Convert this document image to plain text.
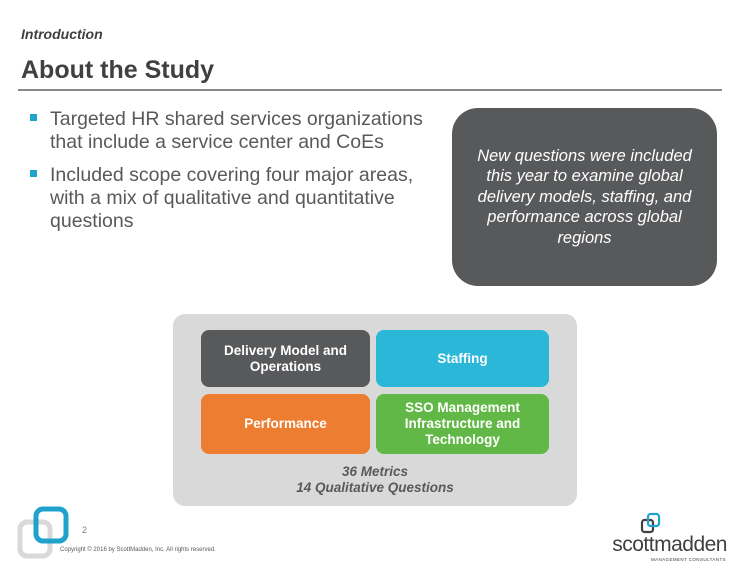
Introduction
About the Study
Targeted HR shared services organizations that include a service center and CoEs
Included scope covering four major areas, with a mix of qualitative and quantitative questions
New questions were included this year to examine global delivery models, staffing, and performance across global regions
Delivery Model and Operations
Staffing
Performance
SSO Management Infrastructure and Technology
36 Metrics
14 Qualitative Questions
2
Copyright © 2016 by ScottMadden, Inc. All rights reserved.	scottmadden
MANAGEMENT CONSULTANTS
